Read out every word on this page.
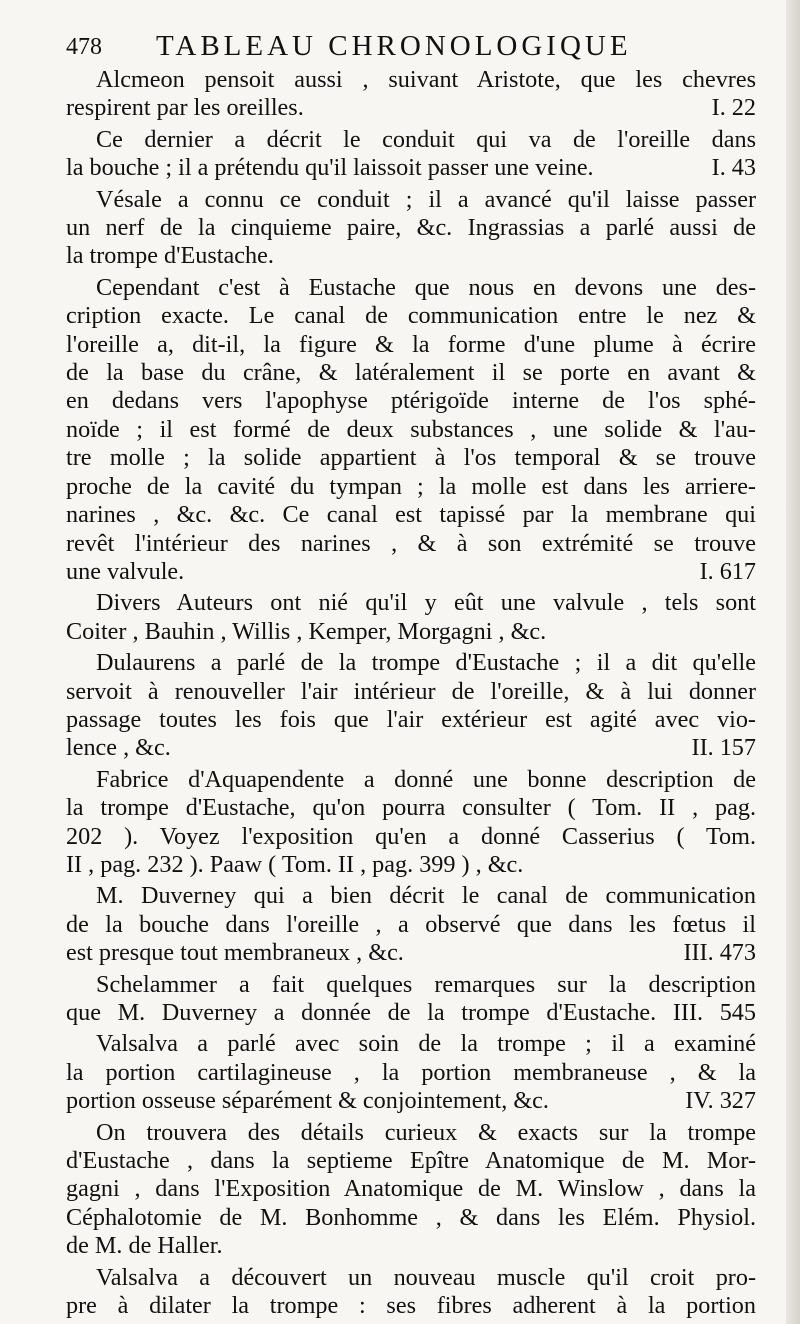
478 TABLEAU CHRONOLOGIQUE
Alcmeon pensoit aussi , suivant Aristote, que les chevres
respirent par les oreilles.	I. 22
Ce dernier a décrit le conduit qui va de l'oreille dans
la bouche ; il a prétendu qu'il laissoit passer une veine.	I. 43
Vésale a connu ce conduit ; il a avancé qu'il laisse passer
un nerf de la cinquieme paire, &c. Ingrassias a parlé aussi de
la trompe d'Eustache.
Cependant c'est à Eustache que nous en devons une des-
cription exacte. Le canal de communication entre le nez &
l'oreille a, dit-il, la figure & la forme d'une plume à écrire
de la base du crâne, & latéralement il se porte en avant &
en dedans vers l'apophyse ptérigoïde interne de l'os sphé-
noïde ; il est formé de deux substances , une solide & l'au-
tre molle ; la solide appartient à l'os temporal & se trouve
proche de la cavité du tympan ; la molle est dans les arriere-
narines , &c. &c. Ce canal est tapissé par la membrane qui
revêt l'intérieur des narines , & à son extrémité se trouve
une valvule.	I. 617
Divers Auteurs ont nié qu'il y eût une valvule , tels sont
Coiter , Bauhin , Willis , Kemper, Morgagni , &c.
Dulaurens a parlé de la trompe d'Eustache ; il a dit qu'elle
servoit à renouveller l'air intérieur de l'oreille, & à lui donner
passage toutes les fois que l'air extérieur est agité avec vio-
lence , &c.	II. 157
Fabrice d'Aquapendente a donné une bonne description de
la trompe d'Eustache, qu'on pourra consulter ( Tom. II , pag.
202 ). Voyez l'exposition qu'en a donné Casserius ( Tom.
II , pag. 232 ). Paaw ( Tom. II , pag. 399 ) , &c.
M. Duverney qui a bien décrit le canal de communication
de la bouche dans l'oreille , a observé que dans les fœtus il
est presque tout membraneux , &c.	III. 473
Schelammer a fait quelques remarques sur la description
que M. Duverney a donnée de la trompe d'Eustache. III. 545
Valsalva a parlé avec soin de la trompe ; il a examiné
la portion cartilagineuse , la portion membraneuse , & la
portion osseuse séparément & conjointement, &c.	IV. 327
On trouvera des détails curieux & exacts sur la trompe
d'Eustache , dans la septieme Epître Anatomique de M. Mor-
gagni , dans l'Exposition Anatomique de M. Winslow , dans la
Céphalotomie de M. Bonhomme , & dans les Elém. Physiol.
de M. de Haller.
Valsalva a découvert un nouveau muscle qu'il croit pro-
pre à dilater la trompe : ses fibres adherent à la portion
